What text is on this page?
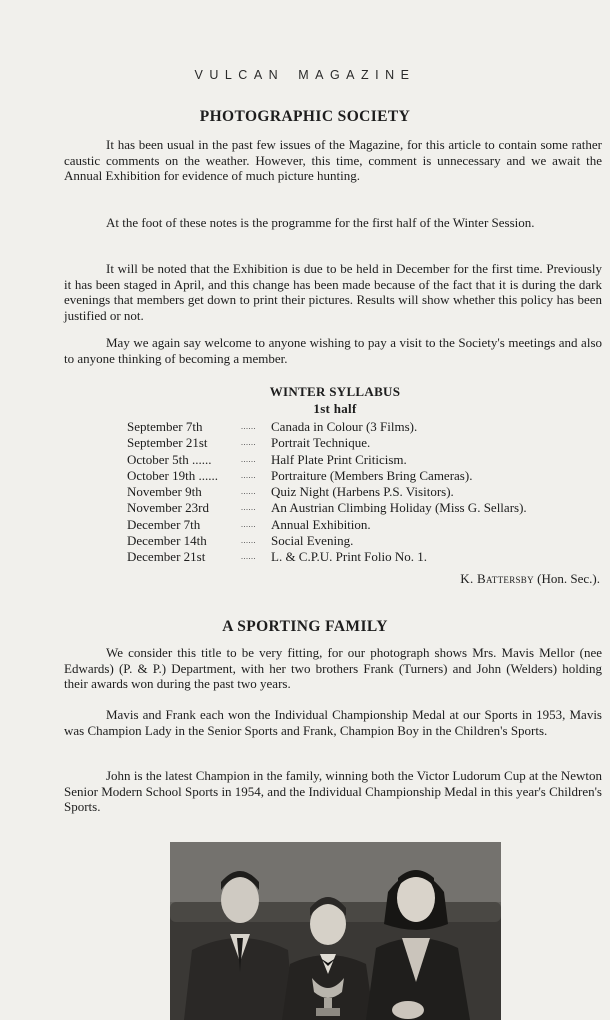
VULCAN MAGAZINE
PHOTOGRAPHIC SOCIETY

It has been usual in the past few issues of the Magazine, for this article to contain some rather caustic comments on the weather. However, this time, comment is unnecessary and we await the Annual Exhibition for evidence of much picture hunting.

At the foot of these notes is the programme for the first half of the Winter Session.

It will be noted that the Exhibition is due to be held in December for the first time. Previously it has been staged in April, and this change has been made because of the fact that it is during the dark evenings that members get down to print their pictures. Results will show whether this policy has been justified or not.

May we again say welcome to anyone wishing to pay a visit to the Society's meetings and also to anyone thinking of becoming a member.

WINTER SYLLABUS
1st half
September 7th	......	Canada in Colour (3 Films).
September 21st	......	Portrait Technique.
October 5th ......	......	Half Plate Print Criticism.
October 19th ......	......	Portraiture (Members Bring Cameras).
November 9th	......	Quiz Night (Harbens P.S. Visitors).
November 23rd	......	An Austrian Climbing Holiday (Miss G. Sellars).
December 7th	......	Annual Exhibition.
December 14th	......	Social Evening.
December 21st	......	L. & C.P.U. Print Folio No. 1.
K. Battersby (Hon. Sec.).
A SPORTING FAMILY

We consider this title to be very fitting, for our photograph shows Mrs. Mavis Mellor (nee Edwards) (P. & P.) Department, with her two brothers Frank (Turners) and John (Welders) holding their awards won during the past two years.

Mavis and Frank each won the Individual Championship Medal at our Sports in 1953, Mavis was Champion Lady in the Senior Sports and Frank, Champion Boy in the Children's Sports.

John is the latest Champion in the family, winning both the Victor Ludorum Cup at the Newton Senior Modern School Sports in 1954, and the Individual Championship Medal in this year's Children's Sports.
